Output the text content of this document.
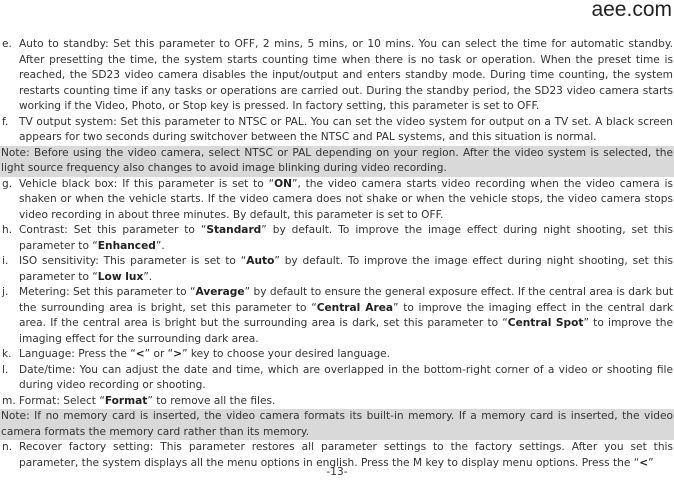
aee.com
e. Auto to standby: Set this parameter to OFF, 2 mins, 5 mins, or 10 mins. You can select the time for automatic standby. After presetting the time, the system starts counting time when there is no task or operation. When the preset time is reached, the SD23 video camera disables the input/output and enters standby mode. During time counting, the system restarts counting time if any tasks or operations are carried out. During the standby period, the SD23 video camera starts working if the Video, Photo, or Stop key is pressed. In factory setting, this parameter is set to OFF.
f. TV output system: Set this parameter to NTSC or PAL. You can set the video system for output on a TV set. A black screen appears for two seconds during switchover between the NTSC and PAL systems, and this situation is normal.
Note: Before using the video camera, select NTSC or PAL depending on your region. After the video system is selected, the light source frequency also changes to avoid image blinking during video recording.
g. Vehicle black box: If this parameter is set to “ON”, the video camera starts video recording when the video camera is shaken or when the vehicle starts. If the video camera does not shake or when the vehicle stops, the video camera stops video recording in about three minutes. By default, this parameter is set to OFF.
h. Contrast: Set this parameter to “Standard” by default. To improve the image effect during night shooting, set this parameter to “Enhanced”.
i. ISO sensitivity: This parameter is set to “Auto” by default. To improve the image effect during night shooting, set this parameter to “Low lux”.
j. Metering: Set this parameter to “Average” by default to ensure the general exposure effect. If the central area is dark but the surrounding area is bright, set this parameter to “Central Area” to improve the imaging effect in the central dark area. If the central area is bright but the surrounding area is dark, set this parameter to “Central Spot” to improve the imaging effect for the surrounding dark area.
k. Language: Press the “<” or “>” key to choose your desired language.
l. Date/time: You can adjust the date and time, which are overlapped in the bottom-right corner of a video or shooting file during video recording or shooting.
m. Format: Select “Format” to remove all the files.
Note: If no memory card is inserted, the video camera formats its built-in memory. If a memory card is inserted, the video camera formats the memory card rather than its memory.
n. Recover factory setting: This parameter restores all parameter settings to the factory settings. After you set this parameter, the system displays all the menu options in english. Press the M key to display menu options. Press the “<”
-13-
